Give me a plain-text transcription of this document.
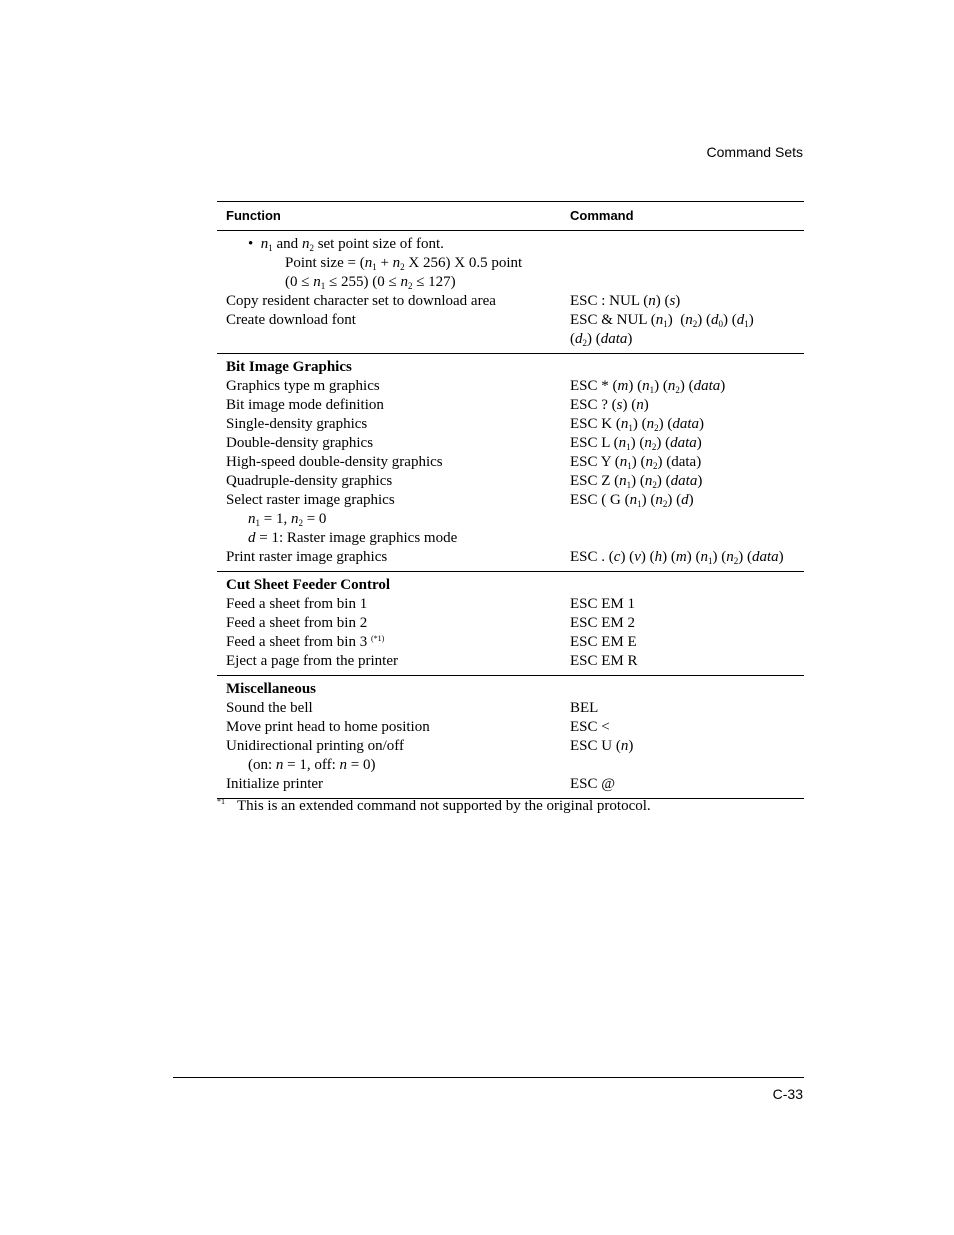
Command Sets
Function	Command
• $n_1$ and $n_2$ set point size of font.
Point size = ($n_1 + n_2$ X 256) X 0.5 point
$(0 \le n_1 \le 255)$ $(0 \le n_2 \le 127)$
Copy resident character set to download area	ESC : NUL (n) (s)
Create download font	ESC & NUL $(n_1)$  $(n_2)$ $(d_0)$ $(d_1)$
$(d_2)$ (data)
Bit Image Graphics
Graphics type m graphics	ESC * (m) $(n_1)$ $(n_2)$ (data)
Bit image mode definition	ESC ? (s) (n)
Single-density graphics	ESC K $(n_1)$ $(n_2)$ (data)
Double-density graphics	ESC L $(n_1)$ $(n_2)$ (data)
High-speed double-density graphics	ESC Y $(n_1)$ $(n_2)$ (data)
Quadruple-density graphics	ESC Z $(n_1)$ $(n_2)$ (data)
Select raster image graphics	ESC ( G $(n_1)$ $(n_2)$ (d)
$n_1 = 1$, $n_2 = 0$
d = 1: Raster image graphics mode
Print raster image graphics	ESC . (c) (v) (h) (m) $(n_1)$ $(n_2)$ (data)
Cut Sheet Feeder Control
Feed a sheet from bin 1	ESC EM 1
Feed a sheet from bin 2	ESC EM 2
Feed a sheet from bin 3 $^{(*1)}$	ESC EM E
Eject a page from the printer	ESC EM R
Miscellaneous
Sound the bell	BEL
Move print head to home position	ESC <
Unidirectional printing on/off	ESC U (n)
(on: n = 1, off: n = 0)
Initialize printer	ESC @
$^{*1}$ This is an extended command not supported by the original protocol.
C-33
